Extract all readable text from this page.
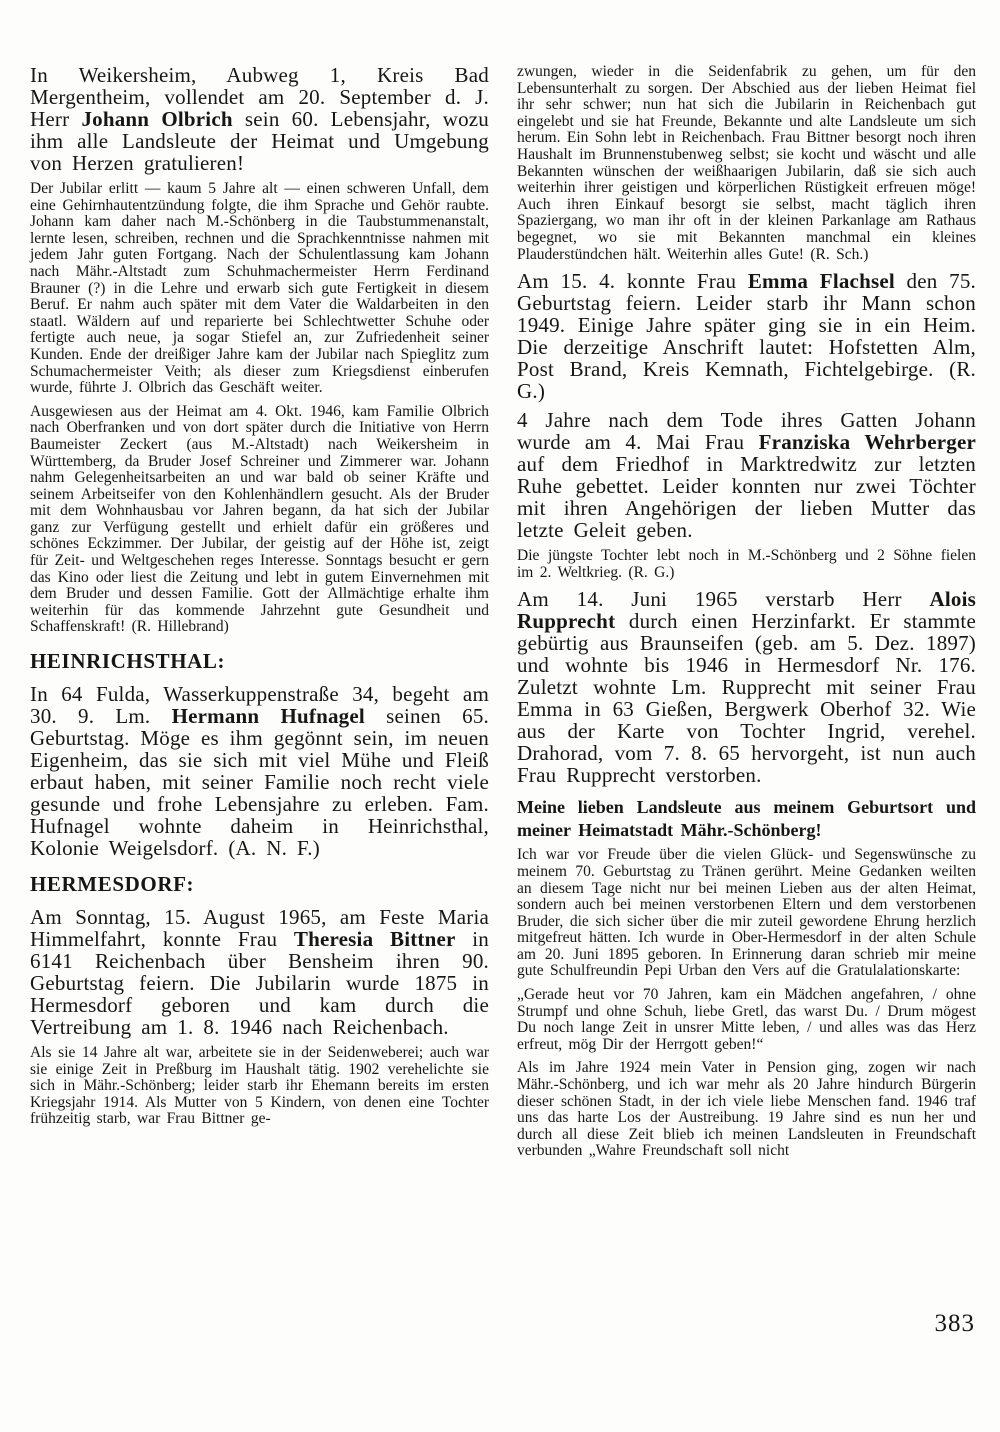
In Weikersheim, Aubweg 1, Kreis Bad Mergentheim, vollendet am 20. September d. J. Herr Johann Olbrich sein 60. Lebensjahr, wozu ihm alle Landsleute der Heimat und Umgebung von Herzen gratulieren!

Der Jubilar erlitt — kaum 5 Jahre alt — einen schweren Unfall, dem eine Gehirnhautentzündung folgte, die ihm Sprache und Gehör raubte. Johann kam daher nach M.-Schönberg in die Taubstummenanstalt, lernte lesen, schreiben, rechnen und die Sprachkenntnisse nahmen mit jedem Jahr guten Fortgang. Nach der Schulentlassung kam Johann nach Mähr.-Altstadt zum Schuhmachermeister Herrn Ferdinand Brauner (?) in die Lehre und erwarb sich gute Fertigkeit in diesem Beruf. Er nahm auch später mit dem Vater die Waldarbeiten in den staatl. Wäldern auf und reparierte bei Schlechtwetter Schuhe oder fertigte auch neue, ja sogar Stiefel an, zur Zufriedenheit seiner Kunden. Ende der dreißiger Jahre kam der Jubilar nach Spieglitz zum Schumachermeister Veith; als dieser zum Kriegsdienst einberufen wurde, führte J. Olbrich das Geschäft weiter.

Ausgewiesen aus der Heimat am 4. Okt. 1946, kam Familie Olbrich nach Oberfranken und von dort später durch die Initiative von Herrn Baumeister Zeckert (aus M.-Altstadt) nach Weikersheim in Württemberg, da Bruder Josef Schreiner und Zimmerer war. Johann nahm Gelegenheitsarbeiten an und war bald ob seiner Kräfte und seinem Arbeitseifer von den Kohlenhändlern gesucht. Als der Bruder mit dem Wohnhausbau vor Jahren begann, da hat sich der Jubilar ganz zur Verfügung gestellt und erhielt dafür ein größeres und schönes Eckzimmer. Der Jubilar, der geistig auf der Höhe ist, zeigt für Zeit- und Weltgeschehen reges Interesse. Sonntags besucht er gern das Kino oder liest die Zeitung und lebt in gutem Einvernehmen mit dem Bruder und dessen Familie. Gott der Allmächtige erhalte ihm weiterhin für das kommende Jahrzehnt gute Gesundheit und Schaffenskraft! (R. Hillebrand)

HEINRICHSTHAL:

In 64 Fulda, Wasserkuppenstraße 34, begeht am 30. 9. Lm. Hermann Hufnagel seinen 65. Geburtstag. Möge es ihm gegönnt sein, im neuen Eigenheim, das sie sich mit viel Mühe und Fleiß erbaut haben, mit seiner Familie noch recht viele gesunde und frohe Lebensjahre zu erleben. Fam. Hufnagel wohnte daheim in Heinrichsthal, Kolonie Weigelsdorf. (A. N. F.)

HERMESDORF:

Am Sonntag, 15. August 1965, am Feste Maria Himmelfahrt, konnte Frau Theresia Bittner in 6141 Reichenbach über Bensheim ihren 90. Geburtstag feiern. Die Jubilarin wurde 1875 in Hermesdorf geboren und kam durch die Vertreibung am 1. 8. 1946 nach Reichenbach.

Als sie 14 Jahre alt war, arbeitete sie in der Seidenweberei; auch war sie einige Zeit in Preßburg im Haushalt tätig. 1902 verehelichte sie sich in Mähr.-Schönberg; leider starb ihr Ehemann bereits im ersten Kriegsjahr 1914. Als Mutter von 5 Kindern, von denen eine Tochter frühzeitig starb, war Frau Bittner ge-

zwungen, wieder in die Seidenfabrik zu gehen, um für den Lebensunterhalt zu sorgen. Der Abschied aus der lieben Heimat fiel ihr sehr schwer; nun hat sich die Jubilarin in Reichenbach gut eingelebt und sie hat Freunde, Bekannte und alte Landsleute um sich herum. Ein Sohn lebt in Reichenbach. Frau Bittner besorgt noch ihren Haushalt im Brunnenstubenweg selbst; sie kocht und wäscht und alle Bekannten wünschen der weißhaarigen Jubilarin, daß sie sich auch weiterhin ihrer geistigen und körperlichen Rüstigkeit erfreuen möge! Auch ihren Einkauf besorgt sie selbst, macht täglich ihren Spaziergang, wo man ihr oft in der kleinen Parkanlage am Rathaus begegnet, wo sie mit Bekannten manchmal ein kleines Plauderstündchen hält. Weiterhin alles Gute! (R. Sch.)

Am 15. 4. konnte Frau Emma Flachsel den 75. Geburtstag feiern. Leider starb ihr Mann schon 1949. Einige Jahre später ging sie in ein Heim. Die derzeitige Anschrift lautet: Hofstetten Alm, Post Brand, Kreis Kemnath, Fichtelgebirge. (R. G.)

4 Jahre nach dem Tode ihres Gatten Johann wurde am 4. Mai Frau Franziska Wehrberger auf dem Friedhof in Marktredwitz zur letzten Ruhe gebettet. Leider konnten nur zwei Töchter mit ihren Angehörigen der lieben Mutter das letzte Geleit geben.

Die jüngste Tochter lebt noch in M.-Schönberg und 2 Söhne fielen im 2. Weltkrieg. (R. G.)

Am 14. Juni 1965 verstarb Herr Alois Rupprecht durch einen Herzinfarkt. Er stammte gebürtig aus Braunseifen (geb. am 5. Dez. 1897) und wohnte bis 1946 in Hermesdorf Nr. 176. Zuletzt wohnte Lm. Rupprecht mit seiner Frau Emma in 63 Gießen, Bergwerk Oberhof 32. Wie aus der Karte von Tochter Ingrid, verehel. Drahorad, vom 7. 8. 65 hervorgeht, ist nun auch Frau Rupprecht verstorben.

Meine lieben Landsleute aus meinem Geburtsort und meiner Heimatstadt Mähr.-Schönberg!

Ich war vor Freude über die vielen Glück- und Segenswünsche zu meinem 70. Geburtstag zu Tränen gerührt. Meine Gedanken weilten an diesem Tage nicht nur bei meinen Lieben aus der alten Heimat, sondern auch bei meinen verstorbenen Eltern und dem verstorbenen Bruder, die sich sicher über die mir zuteil gewordene Ehrung herzlich mitgefreut hätten. Ich wurde in Ober-Hermesdorf in der alten Schule am 20. Juni 1895 geboren. In Erinnerung daran schrieb mir meine gute Schulfreundin Pepi Urban den Vers auf die Gratulalationskarte:

„Gerade heut vor 70 Jahren, kam ein Mädchen angefahren, / ohne Strumpf und ohne Schuh, liebe Gretl, das warst Du. / Drum mögest Du noch lange Zeit in unsrer Mitte leben, / und alles was das Herz erfreut, mög Dir der Herrgott geben!“

Als im Jahre 1924 mein Vater in Pension ging, zogen wir nach Mähr.-Schönberg, und ich war mehr als 20 Jahre hindurch Bürgerin dieser schönen Stadt, in der ich viele liebe Menschen fand. 1946 traf uns das harte Los der Austreibung. 19 Jahre sind es nun her und durch all diese Zeit blieb ich meinen Landsleuten in Freundschaft verbunden „Wahre Freundschaft soll nicht

383
